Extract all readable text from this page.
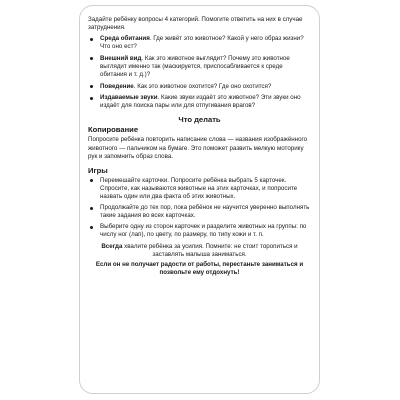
Задайте ребёнку вопросы 4 категорий. Помогите ответить на них в случае затруднения.

Среда обитания. Где живёт это животное? Какой у него образ жизни? Что оно ест?
Внешний вид. Как это животное выглядит? Почему это животное выглядит именно так (маскируется, приспосабливается к среде обитания и т. д.)?
Поведение. Как это животное охотится? Где оно охотится?
Издаваемые звуки. Какие звуки издаёт это животное? Эти звуки оно издаёт для поиска пары или для отпугивания врагов?
Что делать
Копирование

Попросите ребёнка повторить написание слова — названия изображённого животного — пальчиком на бумаге. Это поможет развить мелкую моторику рук и запомнить образ слова.

Игры
Перемешайте карточки. Попросите ребёнка выбрать 5 карточек. Спросите, как называются животные на этих карточках, и попросите назвать один или два факта об этих животных.
Продолжайте до тех пор, пока ребёнок не научится уверенно выполнять такие задания во всех карточках.
Выберите одну из сторон карточек и разделите животных на группы: по числу ног (лап), по цвету, по размеру, по типу кожи и т. п.

Всегда хвалите ребёнка за усилия. Помните: не стоит торопиться и заставлять малыша заниматься.
Если он не получает радости от работы, перестаньте заниматься и позвольте ему отдохнуть!
